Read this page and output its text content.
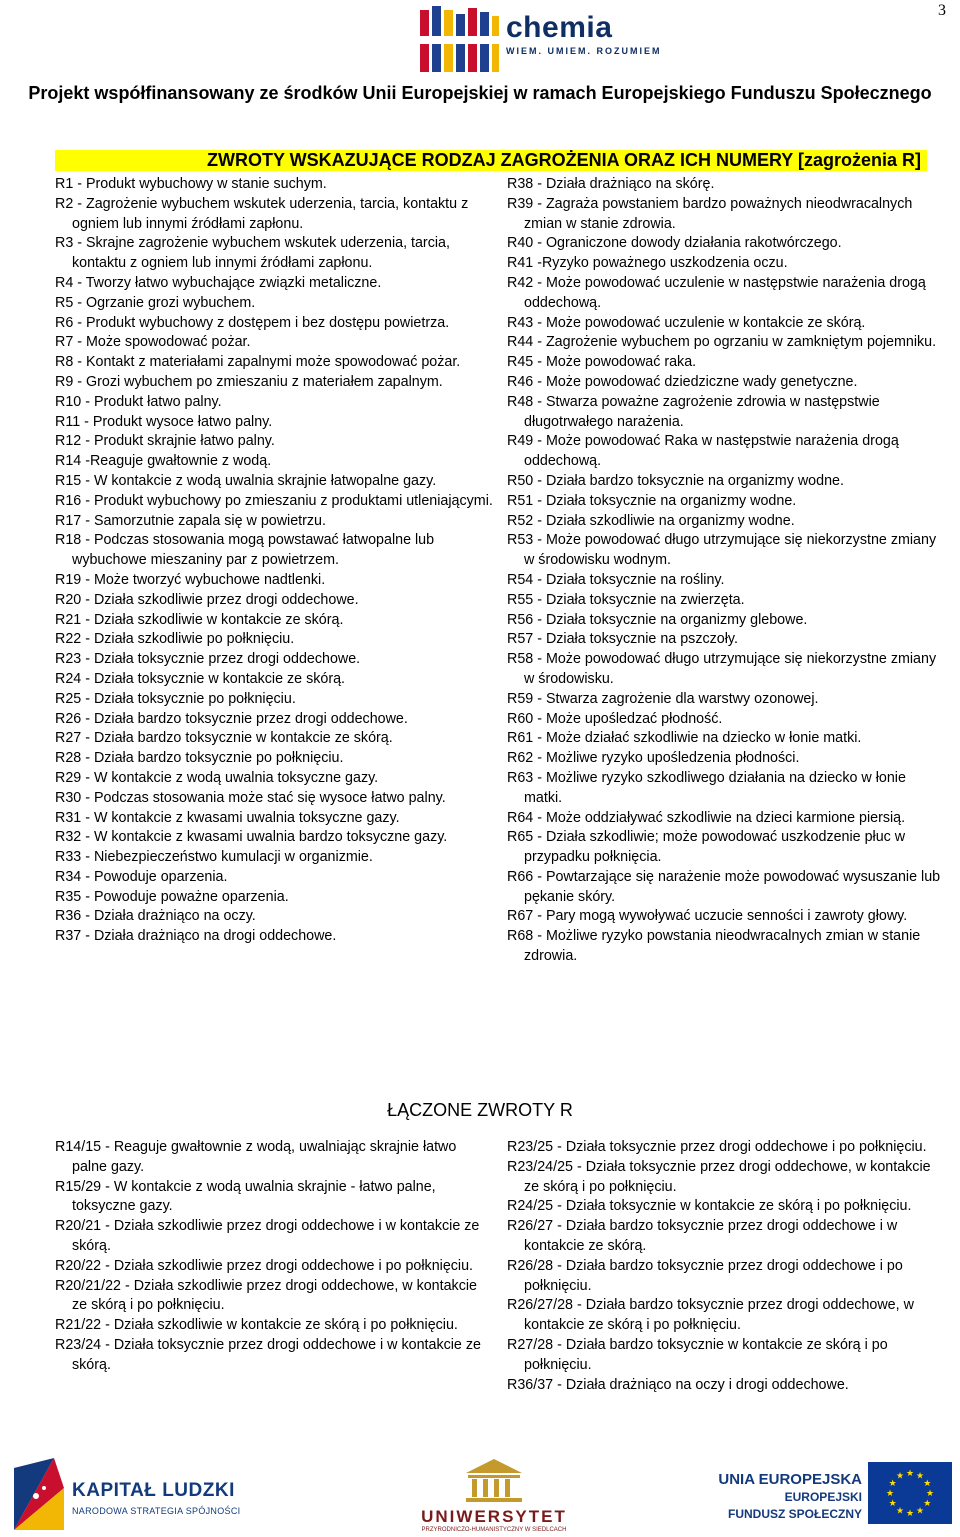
3
chemia
WIEM. UMIEM. ROZUMIEM
Projekt współfinansowany ze środków Unii Europejskiej w ramach Europejskiego Funduszu Społecznego
ZWROTY WSKAZUJĄCE RODZAJ ZAGROŻENIA ORAZ ICH NUMERY [zagrożenia R]

R1 - Produkt wybuchowy w stanie suchym.

R2 - Zagrożenie wybuchem wskutek uderzenia, tarcia, kontaktu z ogniem lub innymi źródłami zapłonu.

R3 - Skrajne zagrożenie wybuchem wskutek uderzenia, tarcia, kontaktu z ogniem lub innymi źródłami zapłonu.

R4 - Tworzy łatwo wybuchające związki metaliczne.

R5 - Ogrzanie grozi wybuchem.

R6 - Produkt wybuchowy z dostępem i bez dostępu powietrza.

R7 - Może spowodować pożar.

R8 - Kontakt z materiałami zapalnymi może spowodować pożar.

R9 - Grozi wybuchem po zmieszaniu z materiałem zapalnym.

R10 - Produkt łatwo palny.

R11 - Produkt wysoce łatwo palny.

R12 - Produkt skrajnie łatwo palny.

R14 -Reaguje gwałtownie z wodą.

R15 - W kontakcie z wodą uwalnia skrajnie łatwopalne gazy.

R16 - Produkt wybuchowy po zmieszaniu z produktami utleniającymi.

R17 - Samorzutnie zapala się w powietrzu.

R18 - Podczas stosowania mogą powstawać łatwopalne lub wybuchowe mieszaniny par z powietrzem.

R19 - Może tworzyć wybuchowe nadtlenki.

R20 - Działa szkodliwie przez drogi oddechowe.

R21 - Działa szkodliwie w kontakcie ze skórą.

R22 - Działa szkodliwie po połknięciu.

R23 - Działa toksycznie przez drogi oddechowe.

R24 - Działa toksycznie w kontakcie ze skórą.

R25 - Działa toksycznie po połknięciu.

R26 - Działa bardzo toksycznie przez drogi oddechowe.

R27 - Działa bardzo toksycznie w kontakcie ze skórą.

R28 - Działa bardzo toksycznie po połknięciu.

R29 - W kontakcie z wodą uwalnia toksyczne gazy.

R30 - Podczas stosowania może stać się wysoce łatwo palny.

R31 - W kontakcie z kwasami uwalnia toksyczne gazy.

R32 - W kontakcie z kwasami uwalnia bardzo toksyczne gazy.

R33 - Niebezpieczeństwo kumulacji w organizmie.

R34 - Powoduje oparzenia.

R35 - Powoduje poważne oparzenia.

R36 - Działa drażniąco na oczy.

R37 - Działa drażniąco na drogi oddechowe.

R38 - Działa drażniąco na skórę.

R39 - Zagraża powstaniem bardzo poważnych nieodwracalnych zmian w stanie zdrowia.

R40 - Ograniczone dowody działania rakotwórczego.

R41 -Ryzyko poważnego uszkodzenia oczu.

R42 - Może powodować uczulenie w następstwie narażenia drogą oddechową.

R43 - Może powodować uczulenie w kontakcie ze skórą.

R44 - Zagrożenie wybuchem po ogrzaniu w zamkniętym pojemniku.

R45 - Może powodować raka.

R46 - Może powodować dziedziczne wady genetyczne.

R48 - Stwarza poważne zagrożenie zdrowia w następstwie długotrwałego narażenia.

R49 - Może powodować Raka w następstwie narażenia drogą oddechową.

R50 - Działa bardzo toksycznie na organizmy wodne.

R51 - Działa toksycznie na organizmy wodne.

R52 - Działa szkodliwie na organizmy wodne.

R53 - Może powodować długo utrzymujące się niekorzystne zmiany w środowisku wodnym.

R54 - Działa toksycznie na rośliny.

R55 - Działa toksycznie na zwierzęta.

R56 - Działa toksycznie na organizmy glebowe.

R57 - Działa toksycznie na pszczoły.

R58 - Może powodować długo utrzymujące się niekorzystne zmiany w środowisku.

R59 - Stwarza zagrożenie dla warstwy ozonowej.

R60 - Może upośledzać płodność.

R61 - Może działać szkodliwie na dziecko w łonie matki.

R62 - Możliwe ryzyko upośledzenia płodności.

R63 - Możliwe ryzyko szkodliwego działania na dziecko w łonie matki.

R64 - Może oddziaływać szkodliwie na dzieci karmione piersią.

R65 - Działa szkodliwie; może powodować uszkodzenie płuc w przypadku połknięcia.

R66 - Powtarzające się narażenie może powodować wysuszanie lub pękanie skóry.

R67 - Pary mogą wywoływać uczucie senności i zawroty głowy.

R68 - Możliwe ryzyko powstania nieodwracalnych zmian w stanie zdrowia.

ŁĄCZONE ZWROTY R

R14/15 - Reaguje gwałtownie z wodą, uwalniając skrajnie łatwo palne gazy.

R15/29 - W kontakcie z wodą uwalnia skrajnie - łatwo palne, toksyczne gazy.

R20/21 - Działa szkodliwie przez drogi oddechowe i w kontakcie ze skórą.

R20/22 - Działa szkodliwie przez drogi oddechowe i po połknięciu.

R20/21/22 - Działa szkodliwie przez drogi oddechowe, w kontakcie ze skórą i po połknięciu.

R21/22 - Działa szkodliwie w kontakcie ze skórą i po połknięciu.

R23/24 - Działa toksycznie przez drogi oddechowe i w kontakcie ze skórą.

R23/25 - Działa toksycznie przez drogi oddechowe i po połknięciu.

R23/24/25 - Działa toksycznie przez drogi oddechowe, w kontakcie ze skórą i po połknięciu.

R24/25 - Działa toksycznie w kontakcie ze skórą i po połknięciu.

R26/27 - Działa bardzo toksycznie przez drogi oddechowe i w kontakcie ze skórą.

R26/28 - Działa bardzo toksycznie przez drogi oddechowe i po połknięciu.

R26/27/28 - Działa bardzo toksycznie przez drogi oddechowe, w kontakcie ze skórą i po połknięciu.

R27/28 - Działa bardzo toksycznie w kontakcie ze skórą i po połknięciu.

R36/37 - Działa drażniąco na oczy i drogi oddechowe.

KAPITAŁ LUDZKI
NARODOWA STRATEGIA SPÓJNOŚCI	UNIWERSYTET
PRZYRODNICZO-HUMANISTYCZNY W SIEDLCACH
UNIA EUROPEJSKA
EUROPEJSKI
FUNDUSZ SPOŁECZNY
★
★
★
★
★
★
★
★
★ ★ ★
★
